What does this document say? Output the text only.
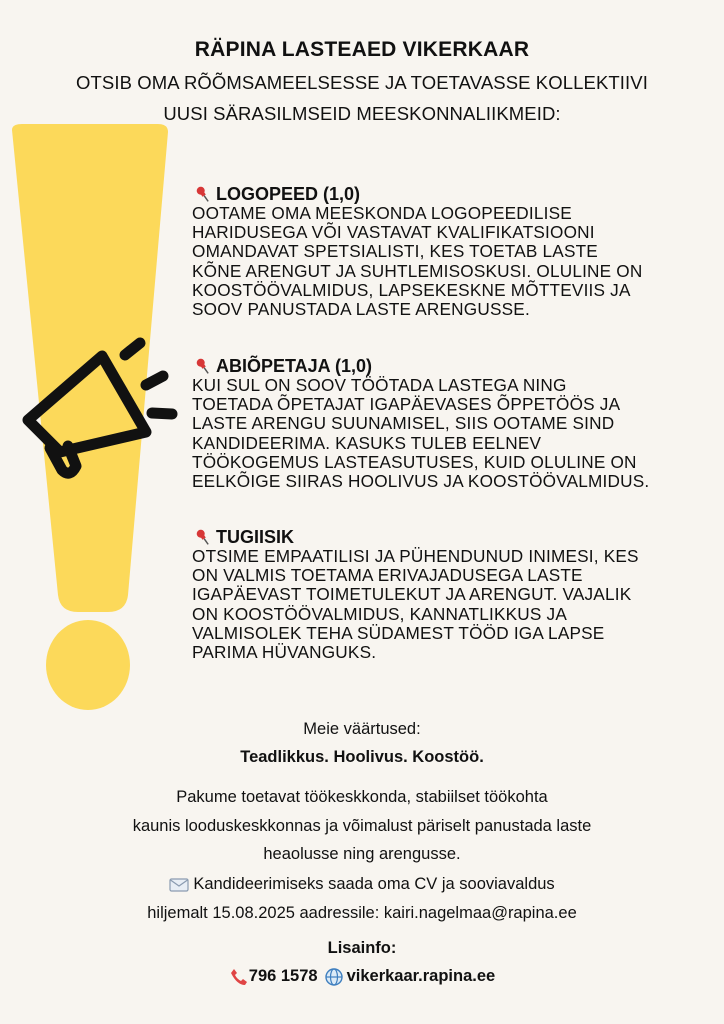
RÄPINA LASTEAED VIKERKAAR
OTSIB OMA RÕÕMSAMEELSESSE JA TOETAVASSE KOLLEKTIIVI
UUSI SÄRASILMSEID MEESKONNALIIKMEID:
LOGOPEED (1,0)
OOTAME OMA MEESKONDA LOGOPEEDILISE
HARIDUSEGA VÕI VASTAVAT KVALIFIKATSIOONI
OMANDAVAT SPETSIALISTI, KES TOETAB LASTE
KÕNE ARENGUT JA SUHTLEMISOSKUSI. OLULINE ON
KOOSTÖÖVALMIDUS, LAPSEKESKNE MÕTTEVIIS JA
SOOV PANUSTADA LASTE ARENGUSSE.
ABIÕPETAJA (1,0)
KUI SUL ON SOOV TÖÖTADA LASTEGA NING
TOETADA ÕPETAJAT IGAPÄEVASES ÕPPETÖÖS JA
LASTE ARENGU SUUNAMISEL, SIIS OOTAME SIND
KANDIDEERIMA. KASUKS TULEB EELNEV
TÖÖKOGEMUS LASTEASUTUSES, KUID OLULINE ON
EELKÕIGE SIIRAS HOOLIVUS JA KOOSTÖÖVALMIDUS.
TUGIISIK
OTSIME EMPAATILISI JA PÜHENDUNUD INIMESI, KES
ON VALMIS TOETAMA ERIVAJADUSEGA LASTE
IGAPÄEVAST TOIMETULEKUT JA ARENGUT. VAJALIK
ON KOOSTÖÖVALMIDUS, KANNATLIKKUS JA
VALMISOLEK TEHA SÜDAMEST TÖÖD IGA LAPSE
PARIMA HÜVANGUKS.
Meie väärtused:
Teadlikkus. Hoolivus. Koostöö.
Pakume toetavat töökeskkonda, stabiilset töökohta
kaunis looduskeskkonnas ja võimalust päriselt panustada laste
heaolusse ning arengusse.
Kandideerimiseks saada oma CV ja sooviavaldus
hiljemalt 15.08.2025 aadressile: kairi.nagelmaa@rapina.ee
Lisainfo:
796 1578 vikerkaar.rapina.ee
